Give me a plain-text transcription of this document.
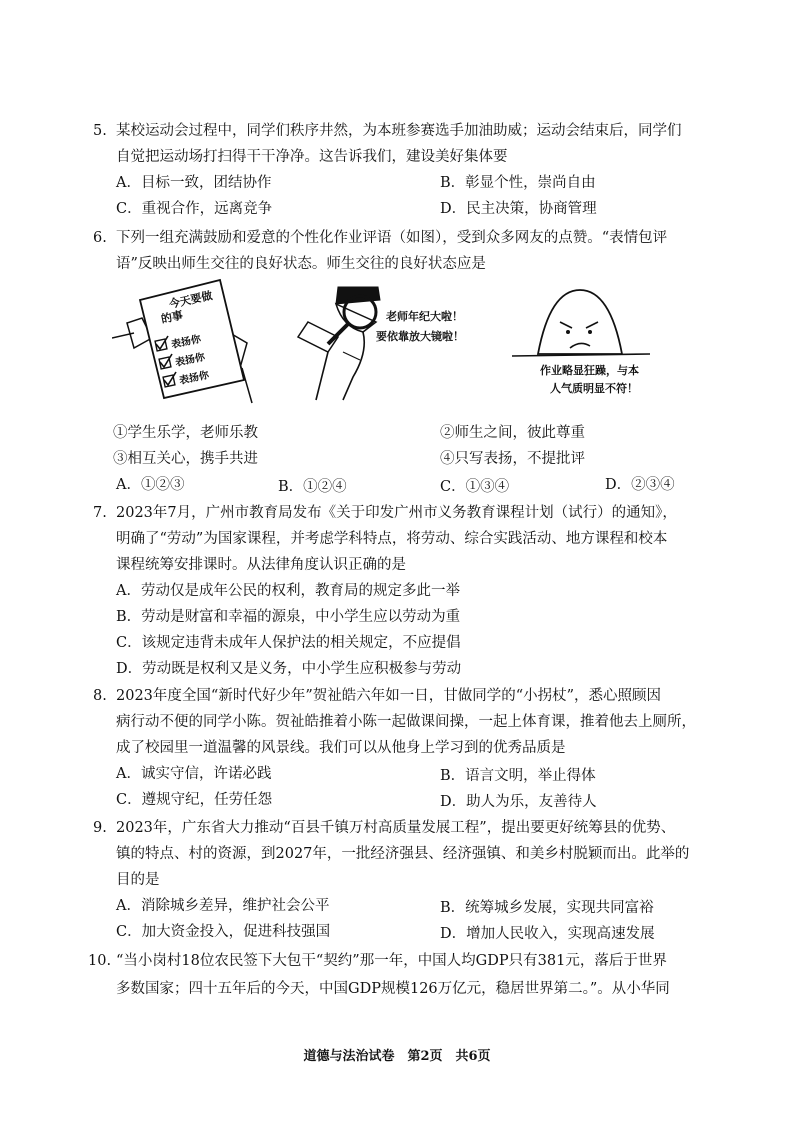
5. 某校运动会过程中，同学们秩序井然，为本班参赛选手加油助威；运动会结束后，同学们
自觉把运动场打扫得干干净净。这告诉我们，建设美好集体要
A．目标一致，团结协作	B．彰显个性，崇尚自由
C．重视合作，远离竞争	D．民主决策，协商管理
6. 下列一组充满鼓励和爱意的个性化作业评语（如图），受到众多网友的点赞。“表情包评
语”反映出师生交往的良好状态。师生交往的良好状态应是
今天要做
的事
表扬你
表扬你
表扬你
老师年纪大啦！
要依靠放大镜啦！
作业略显狂躁，与本
人气质明显不符！
①学生乐学，老师乐教	②师生之间，彼此尊重
③相互关心，携手共进	④只写表扬，不提批评
A．①②③	B．①②④	C．①③④	D．②③④
7. 2023年7月，广州市教育局发布《关于印发广州市义务教育课程计划（试行）的通知》，
明确了“劳动”为国家课程，并考虑学科特点，将劳动、综合实践活动、地方课程和校本
课程统筹安排课时。从法律角度认识正确的是
A．劳动仅是成年公民的权利，教育局的规定多此一举
B．劳动是财富和幸福的源泉，中小学生应以劳动为重
C．该规定违背未成年人保护法的相关规定，不应提倡
D．劳动既是权利又是义务，中小学生应积极参与劳动
8. 2023年度全国“新时代好少年”贺祉皓六年如一日，甘做同学的“小拐杖”，悉心照顾因
病行动不便的同学小陈。贺祉皓推着小陈一起做课间操，一起上体育课，推着他去上厕所，
成了校园里一道温馨的风景线。我们可以从他身上学习到的优秀品质是
A．诚实守信，许诺必践	B．语言文明，举止得体
C．遵规守纪，任劳任怨	D．助人为乐，友善待人
9. 2023年，广东省大力推动“百县千镇万村高质量发展工程”，提出要更好统筹县的优势、
镇的特点、村的资源，到2027年，一批经济强县、经济强镇、和美乡村脱颖而出。此举的
目的是
A．消除城乡差异，维护社会公平	B．统筹城乡发展，实现共同富裕
C．加大资金投入，促进科技强国	D．增加人民收入，实现高速发展
10. “当小岗村18位农民签下大包干“契约”那一年，中国人均GDP只有381元，落后于世界
多数国家；四十五年后的今天，中国GDP规模126万亿元，稳居世界第二。”。从小华同
道德与法治试卷　第2页　共6页
